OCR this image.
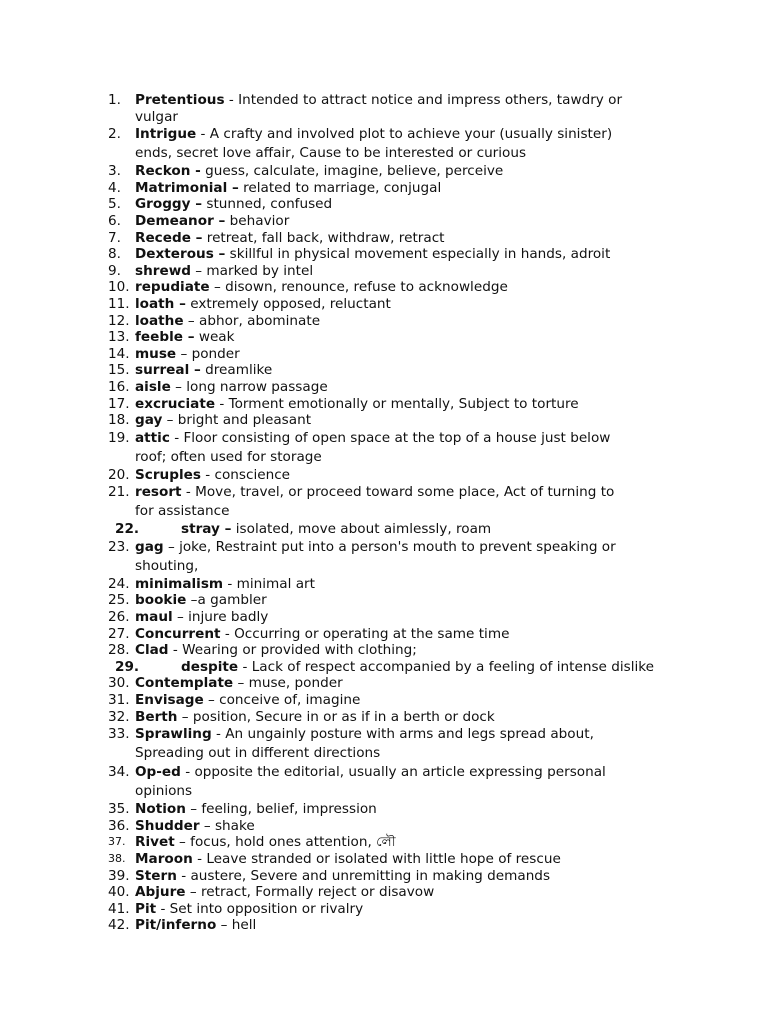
1.	Pretentious - Intended to attract notice and impress others, tawdry or vulgar
2.	Intrigue - A crafty and involved plot to achieve your (usually sinister) ends, secret love affair, Cause to be interested or curious
3.	Reckon - guess, calculate, imagine, believe, perceive
4.	Matrimonial – related to marriage, conjugal
5.	Groggy – stunned, confused
6.	Demeanor – behavior
7.	Recede – retreat, fall back, withdraw, retract
8.	Dexterous – skillful in physical movement especially in hands, adroit
9.	shrewd – marked by intel
10. repudiate – disown, renounce, refuse to acknowledge
11. loath – extremely opposed, reluctant
12. loathe – abhor, abominate
13. feeble – weak
14. muse – ponder
15. surreal – dreamlike
16. aisle – long narrow passage
17. excruciate - Torment emotionally or mentally, Subject to torture
18. gay – bright and pleasant
19. attic - Floor consisting of open space at the top of a house just below roof; often used for storage
20. Scruples - conscience
21. resort - Move, travel, or proceed toward some place, Act of turning to for assistance
22.	stray – isolated, move about aimlessly, roam
23. gag – joke, Restraint put into a person's mouth to prevent speaking or shouting,
24. minimalism - minimal art
25. bookie –a gambler
26. maul – injure badly
27. Concurrent - Occurring or operating at the same time
28. Clad - Wearing or provided with clothing;
29.	despite - Lack of respect accompanied by a feeling of intense dislike
30. Contemplate – muse, ponder
31. Envisage – conceive of, imagine
32. Berth – position, Secure in or as if in a berth or dock
33. Sprawling - An ungainly posture with arms and legs spread about, Spreading out in different directions
34. Op-ed - opposite the editorial, usually an article expressing personal opinions
35. Notion – feeling, belief, impression
36. Shudder – shake
37. Rivet – focus, hold ones attention, লৌ
38. Maroon - Leave stranded or isolated with little hope of rescue
39. Stern - austere, Severe and unremitting in making demands
40. Abjure – retract, Formally reject or disavow
41. Pit - Set into opposition or rivalry
42. Pit/inferno – hell
